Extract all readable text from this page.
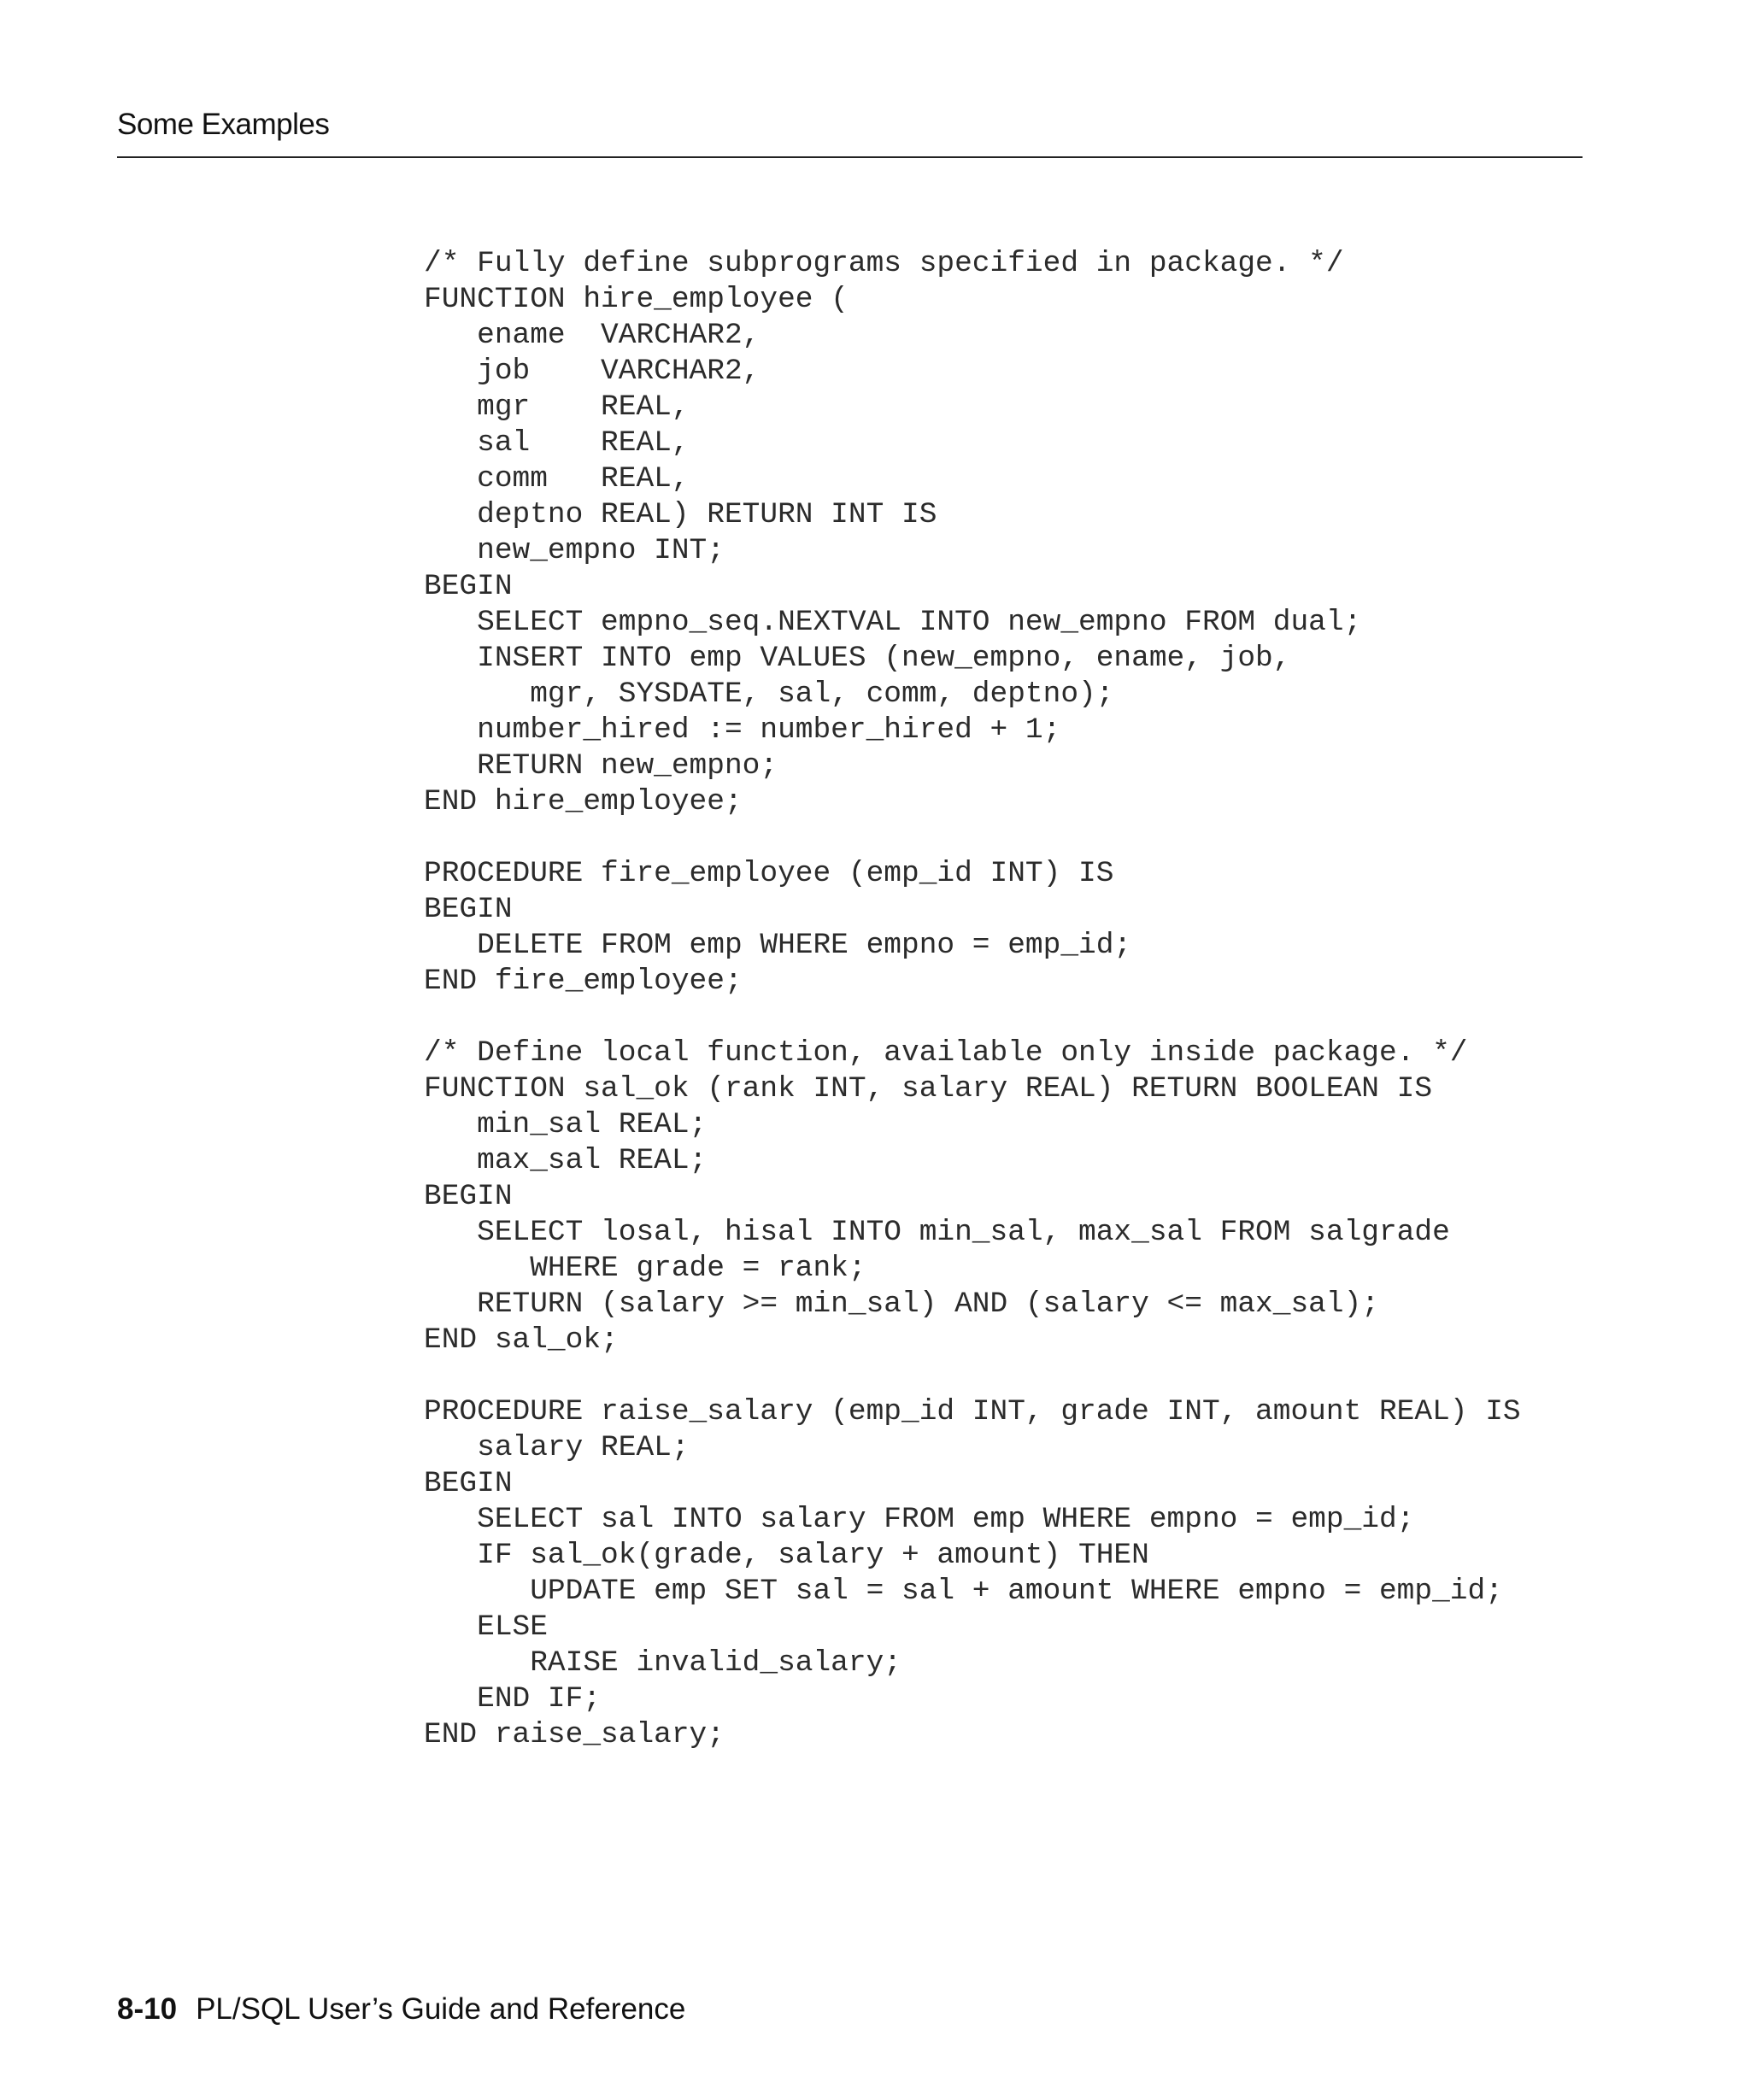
Some Examples
/* Fully define subprograms specified in package. */
FUNCTION hire_employee (
ename  VARCHAR2,
job    VARCHAR2,
mgr    REAL,
sal    REAL,
comm   REAL,
deptno REAL) RETURN INT IS
new_empno INT;
BEGIN
SELECT empno_seq.NEXTVAL INTO new_empno FROM dual;
INSERT INTO emp VALUES (new_empno, ename, job,
mgr, SYSDATE, sal, comm, deptno);
number_hired := number_hired + 1;
RETURN new_empno;
END hire_employee;
PROCEDURE fire_employee (emp_id INT) IS
BEGIN
DELETE FROM emp WHERE empno = emp_id;
END fire_employee;
/* Define local function, available only inside package. */
FUNCTION sal_ok (rank INT, salary REAL) RETURN BOOLEAN IS
min_sal REAL;
max_sal REAL;
BEGIN
SELECT losal, hisal INTO min_sal, max_sal FROM salgrade
WHERE grade = rank;
RETURN (salary >= min_sal) AND (salary <= max_sal);
END sal_ok;
PROCEDURE raise_salary (emp_id INT, grade INT, amount REAL) IS
salary REAL;
BEGIN
SELECT sal INTO salary FROM emp WHERE empno = emp_id;
IF sal_ok(grade, salary + amount) THEN
UPDATE emp SET sal = sal + amount WHERE empno = emp_id;
ELSE
RAISE invalid_salary;
END IF;
END raise_salary;
8-10 PL/SQL User’s Guide and Reference
